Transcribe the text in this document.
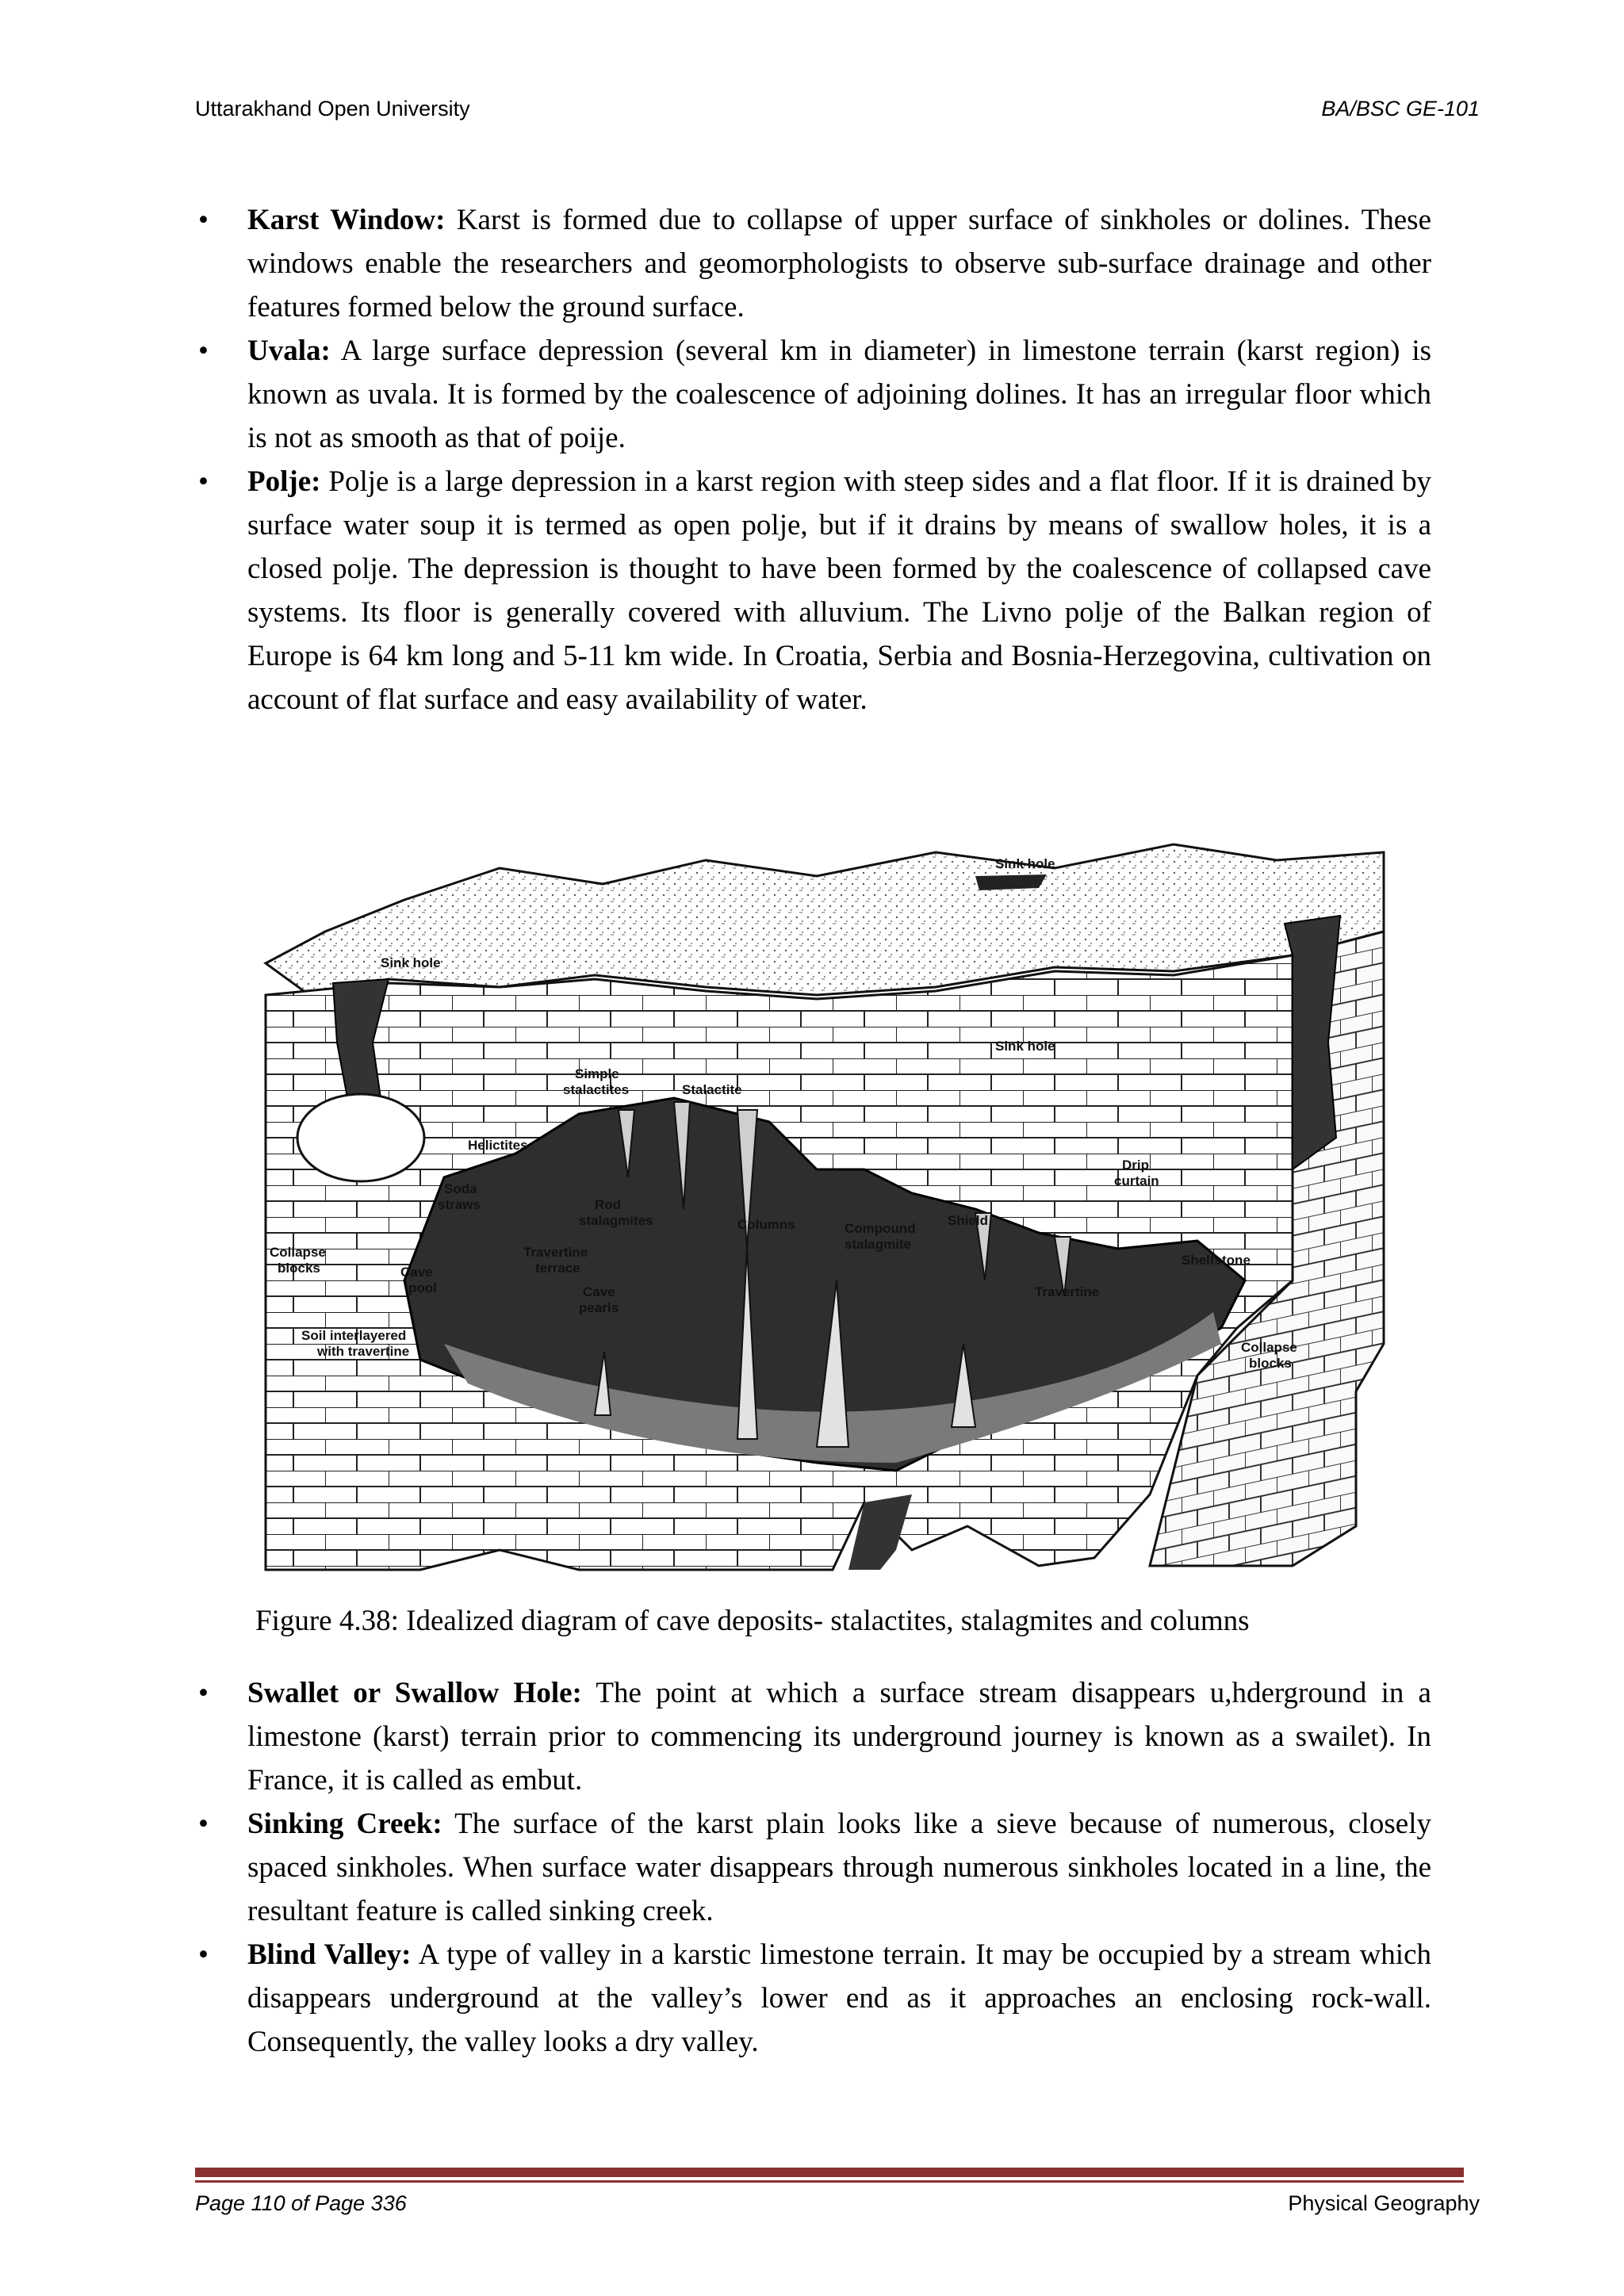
Uttarakhand Open University	BA/BSC GE-101
• Karst Window: Karst is formed due to collapse of upper surface of sinkholes or dolines. These windows enable the researchers and geomorphologists to observe sub-surface drainage and other features formed below the ground surface.
• Uvala: A large surface depression (several km in diameter) in limestone terrain (karst region) is known as uvala. It is formed by the coalescence of adjoining dolines. It has an irregular floor which is not as smooth as that of poije.
• Polje: Polje is a large depression in a karst region with steep sides and a flat floor. If it is drained by surface water soup it is termed as open polje, but if it drains by means of swallow holes, it is a closed polje. The depression is thought to have been formed by the coalescence of collapsed cave systems. Its floor is generally covered with alluvium. The Livno polje of the Balkan region of Europe is 64 km long and 5-11 km wide. In Croatia, Serbia and Bosnia-Herzegovina, cultivation on account of flat surface and easy availability of water.
Sink hole
Sink hole
Sink hole
Simple
stalactites	Stalactite
Helictites
Soda
straws	Rod
stalagmites
Drip
curtain
Collapse
blocks	Cave
pool
Travertine
terrace
Columns	Compound
stalagmite
Shield
Shelfstone
Cave
pearls
Travertine
Soil interlayered
with travertine	Collapse
blocks
Figure 4.38: Idealized diagram of cave deposits- stalactites, stalagmites and columns
• Swallet or Swallow Hole: The point at which a surface stream disappears u,hderground in a limestone (karst) terrain prior to commencing its underground journey is known as a swailet). In France, it is called as embut.
• Sinking Creek: The surface of the karst plain looks like a sieve because of numerous, closely spaced sinkholes. When surface water disappears through numerous sinkholes located in a line, the resultant feature is called sinking creek.
• Blind Valley: A type of valley in a karstic limestone terrain. It may be occupied by a stream which disappears underground at the valley’s lower end as it approaches an enclosing rock-wall. Consequently, the valley looks a dry valley.
Page 110 of Page 336	Physical Geography
